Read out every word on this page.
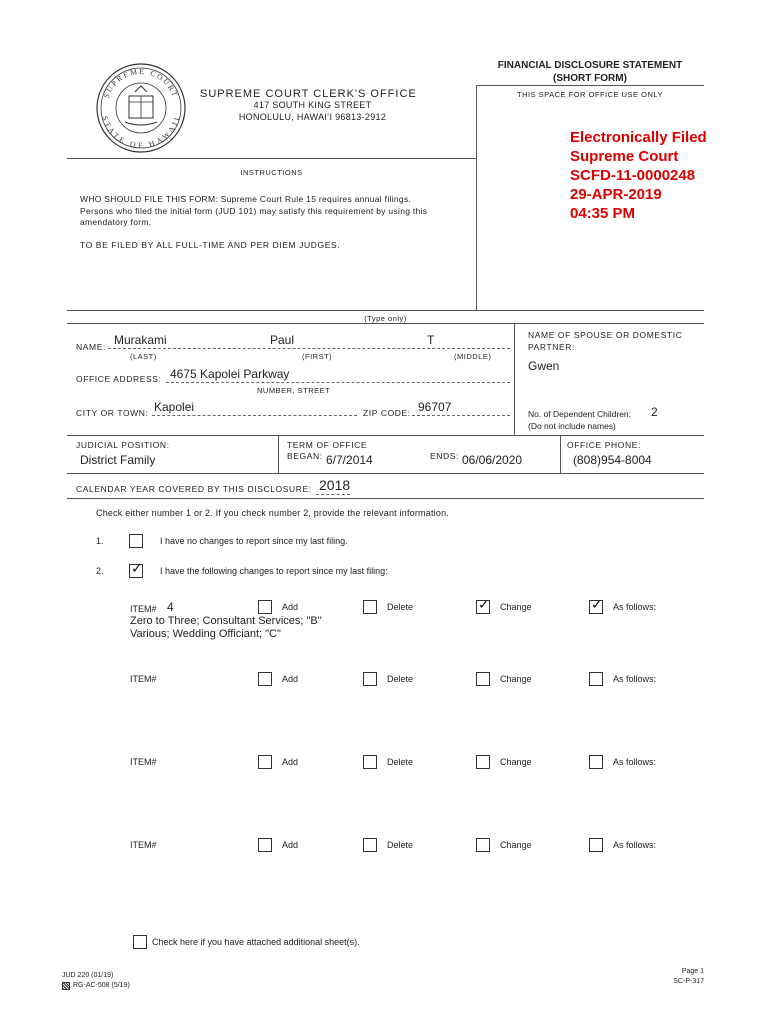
SUPREME COURT
STATE OF HAWAII
SUPREME COURT CLERK'S OFFICE
417 SOUTH KING STREET
HONOLULU, HAWAIʻI 96813-2912
FINANCIAL DISCLOSURE STATEMENT
(SHORT FORM)
THIS SPACE FOR OFFICE USE ONLY
Electronically Filed
Supreme Court
SCFD-11-0000248
29-APR-2019
04:35 PM
INSTRUCTIONS
WHO SHOULD FILE THIS FORM: Supreme Court Rule 15 requires annual filings.
Persons who filed the initial form (JUD 101) may satisfy this requirement by using this
amendatory form.
TO BE FILED BY ALL FULL-TIME AND PER DIEM JUDGES.
(Type only)
NAME: Murakami	Paul	T
(LAST)	(FIRST)	(MIDDLE)
NAME OF SPOUSE OR DOMESTIC
PARTNER:
Gwen
OFFICE ADDRESS: 4675 Kapolei Parkway
NUMBER, STREET
CITY OR TOWN: Kapolei	ZIP CODE: 96707	No. of Dependent Children: 2
(Do not include names)
JUDICIAL POSITION:
District Family
TERM OF OFFICE
BEGAN: 6/7/2014	ENDS: 06/06/2020
OFFICE PHONE:
(808)954-8004
CALENDAR YEAR COVERED BY THIS DISCLOSURE: 2018
Check either number 1 or 2. If you check number 2, provide the relevant information.
1.	I have no changes to report since my last filing.
2. ✓ I have the following changes to report since my last filing:
ITEM# 4	Add	Delete	✓ Change	✓ As follows:
Zero to Three; Consultant Services; "B"
Various; Wedding Officiant; "C"
ITEM#	Add	Delete	Change	As follows:
ITEM#	Add	Delete	Change	As follows:
ITEM#	Add	Delete	Change	As follows:
Check here if you have attached additional sheet(s).
JUD 220 (01/19)
RG-AC-508 (5/19)
Page 1
SC-P-317
